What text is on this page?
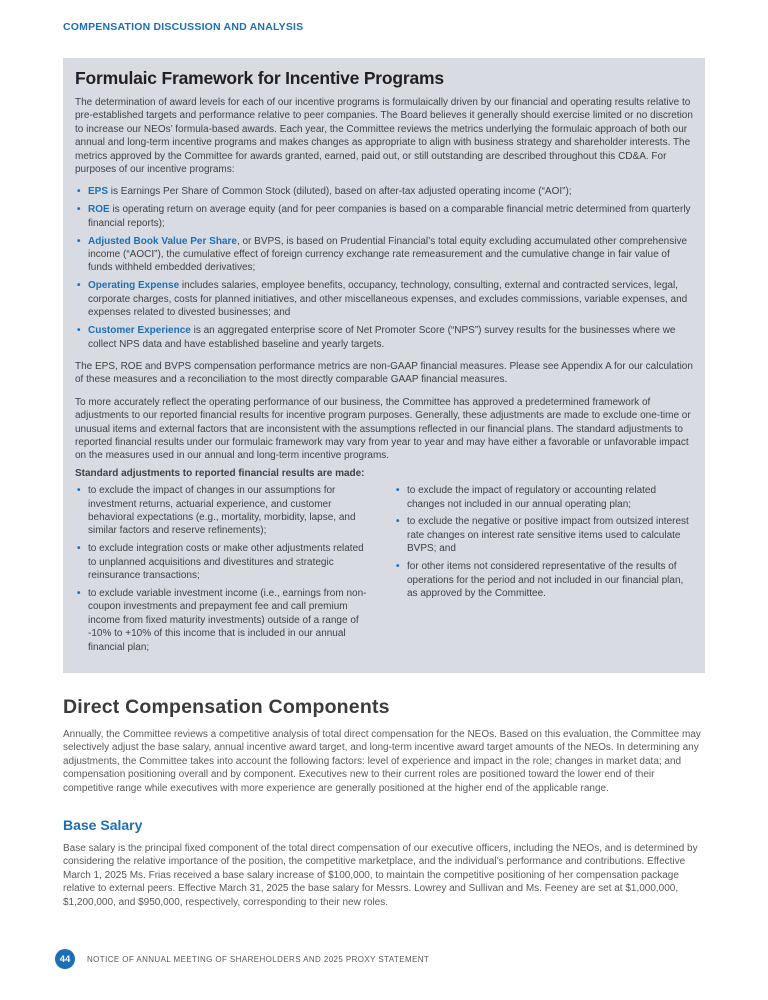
COMPENSATION DISCUSSION AND ANALYSIS
Formulaic Framework for Incentive Programs

The determination of award levels for each of our incentive programs is formulaically driven by our financial and operating results relative to pre-established targets and performance relative to peer companies. The Board believes it generally should exercise limited or no discretion to increase our NEOs’ formula-based awards. Each year, the Committee reviews the metrics underlying the formulaic approach of both our annual and long-term incentive programs and makes changes as appropriate to align with business strategy and shareholder interests. The metrics approved by the Committee for awards granted, earned, paid out, or still outstanding are described throughout this CD&A. For purposes of our incentive programs:

• EPS is Earnings Per Share of Common Stock (diluted), based on after-tax adjusted operating income (“AOI”);
• ROE is operating return on average equity (and for peer companies is based on a comparable financial metric determined from quarterly financial reports);
• Adjusted Book Value Per Share, or BVPS, is based on Prudential Financial’s total equity excluding accumulated other comprehensive income (“AOCI”), the cumulative effect of foreign currency exchange rate remeasurement and the cumulative change in fair value of funds withheld embedded derivatives;
• Operating Expense includes salaries, employee benefits, occupancy, technology, consulting, external and contracted services, legal, corporate charges, costs for planned initiatives, and other miscellaneous expenses, and excludes commissions, variable expenses, and expenses related to divested businesses; and
• Customer Experience is an aggregated enterprise score of Net Promoter Score (“NPS”) survey results for the businesses where we collect NPS data and have established baseline and yearly targets.

The EPS, ROE and BVPS compensation performance metrics are non-GAAP financial measures. Please see Appendix A for our calculation of these measures and a reconciliation to the most directly comparable GAAP financial measures.

To more accurately reflect the operating performance of our business, the Committee has approved a predetermined framework of adjustments to our reported financial results for incentive program purposes. Generally, these adjustments are made to exclude one-time or unusual items and external factors that are inconsistent with the assumptions reflected in our financial plans. The standard adjustments to reported financial results under our formulaic framework may vary from year to year and may have either a favorable or unfavorable impact on the measures used in our annual and long-term incentive programs.

Standard adjustments to reported financial results are made:

• to exclude the impact of changes in our assumptions for investment returns, actuarial experience, and customer behavioral expectations (e.g., mortality, morbidity, lapse, and similar factors and reserve refinements);
• to exclude integration costs or make other adjustments related to unplanned acquisitions and divestitures and strategic reinsurance transactions;
• to exclude variable investment income (i.e., earnings from non-coupon investments and prepayment fee and call premium income from fixed maturity investments) outside of a range of -10% to +10% of this income that is included in our annual financial plan;
• to exclude the impact of regulatory or accounting related changes not included in our annual operating plan;
• to exclude the negative or positive impact from outsized interest rate changes on interest rate sensitive items used to calculate BVPS; and
• for other items not considered representative of the results of operations for the period and not included in our financial plan, as approved by the Committee.
Direct Compensation Components

Annually, the Committee reviews a competitive analysis of total direct compensation for the NEOs. Based on this evaluation, the Committee may selectively adjust the base salary, annual incentive award target, and long-term incentive award target amounts of the NEOs. In determining any adjustments, the Committee takes into account the following factors: level of experience and impact in the role; changes in market data; and compensation positioning overall and by component. Executives new to their current roles are positioned toward the lower end of their competitive range while executives with more experience are generally positioned at the higher end of the applicable range.

Base Salary

Base salary is the principal fixed component of the total direct compensation of our executive officers, including the NEOs, and is determined by considering the relative importance of the position, the competitive marketplace, and the individual’s performance and contributions. Effective March 1, 2025 Ms. Frias received a base salary increase of $100,000, to maintain the competitive positioning of her compensation package relative to external peers. Effective March 31, 2025 the base salary for Messrs. Lowrey and Sullivan and Ms. Feeney are set at $1,000,000, $1,200,000, and $950,000, respectively, corresponding to their new roles.

44	NOTICE OF ANNUAL MEETING OF SHAREHOLDERS AND 2025 PROXY STATEMENT
